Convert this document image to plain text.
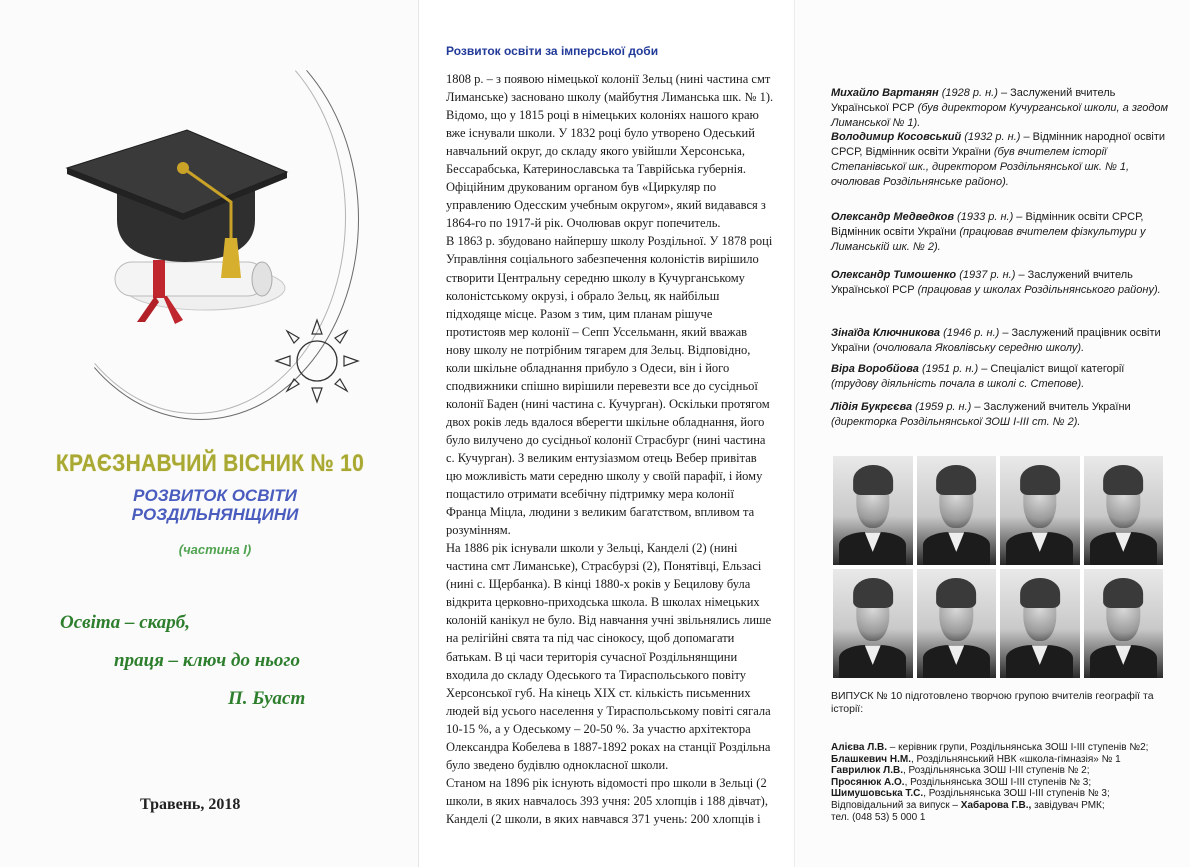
КРАЄЗНАВЧИЙ ВІСНИК № 10
РОЗВИТОК ОСВІТИ
РОЗДІЛЬНЯНЩИНИ
(частина I)
Освіта – скарб,
праця – ключ до нього
П. Буаст
Травень, 2018
Розвиток освіти за імперської доби
1808 р. – з появою німецької колонії Зельц (нині частина смт
Лиманське) засновано школу (майбутня Лиманська шк. № 1).
Відомо, що у 1815 році в німецьких колоніях нашого краю
вже існували школи. У 1832 році було утворено Одеський
навчальний округ, до складу якого увійшли Херсонська,
Бессарабська, Катеринославська та Таврійська губернія.
Офіційним друкованим органом був «Циркуляр по
управлению Одесским учебным округом», який видавався з
1864-го по 1917-й рік. Очолював округ попечитель.
В 1863 р. збудовано найпершу школу Роздільної. У 1878 році
Управління соціального забезпечення колоністів вирішило
створити Центральну середню школу в Кучурганському
колоністському окрузі, і обрало Зельц, як найбільш
підходяще місце. Разом з тим, цим планам рішуче
протистояв мер колонії – Сепп Уссельманн, який вважав
нову школу не потрібним тягарем для Зельц. Відповідно,
коли шкільне обладнання прибуло з Одеси, він і його
сподвижники спішно вирішили перевезти все до сусідньої
колонії Баден (нині частина с. Кучурган). Оскільки протягом
двох років ледь вдалося вберегти шкільне обладнання, його
було вилучено до сусідньої колонії Страсбург (нині частина
с. Кучурган). З великим ентузіазмом отець Вебер привітав
цю можливість мати середню школу у своїй парафії, і йому
пощастило отримати всебічну підтримку мера колонії
Франца Міцла, людини з великим багатством, впливом та
розумінням.
На 1886 рік існували школи у Зельці, Канделі (2) (нині
частина смт Лиманське), Страсбурзі (2), Понятівці, Ельзасі
(нині с. Щербанка). В кінці 1880-х років у Бецилову була
відкрита церковно-приходська школа. В школах німецьких
колоній канікул не було. Від навчання учні звільнялись лише
на релігійні свята та під час сінокосу, щоб допомагати
батькам. В ці часи територія сучасної Роздільнянщини
входила до складу Одеського та Тираспольського повіту
Херсонської губ. На кінець XIX ст. кількість письменних
людей від усього населення у Тираспольському повіті сягала
10-15 %, а у Одеському – 20-50 %. За участю архітектора
Олександра Кобелева в 1887-1892 роках на станції Роздільна
було зведено будівлю однокласної школи.
Станом на 1896 рік існують відомості про школи в Зельці (2
школи, в яких навчалось 393 учня: 205 хлопців і 188 дівчат),
Канделі (2 школи, в яких навчався 371 учень: 200 хлопців і
Михайло Вартанян (1928 р. н.) – Заслужений вчитель Української РСР (був директором Кучурганської школи, а згодом Лиманської № 1).
Володимир Косовський (1932 р. н.) – Відмінник народної освіти СРСР, Відмінник освіти України (був вчителем історії Степанівської шк., директором Роздільнянської шк. № 1, очолював Роздільнянське районо).
Олександр Медведков (1933 р. н.) – Відмінник освіти СРСР, Відмінник освіти України (працював вчителем фізкультури у Лиманській шк. № 2).
Олександр Тимошенко (1937 р. н.) – Заслужений вчитель Української РСР (працював у школах Роздільнянського району).
Зінаїда Ключникова (1946 р. н.) – Заслужений працівник освіти України (очолювала Яковлівську середню школу).
Віра Воробйова (1951 р. н.) – Спеціаліст вищої категорії (трудову діяльність почала в школі с. Степове).
Лідія Букрєєва (1959 р. н.) – Заслужений вчитель України (директорка Роздільнянської ЗОШ I-III ст. № 2).
ВИПУСК № 10 підготовлено творчою групою вчителів географії та історії:
Алієва Л.В. – керівник групи, Роздільнянська ЗОШ I-III ступенів №2;
Блашкевич Н.М., Роздільнянський НВК «школа-гімназія» № 1
Гаврилюк Л.В., Роздільнянська ЗОШ I-III ступенів № 2;
Просянюк А.О., Роздільнянська ЗОШ I-III ступенів № 3;
Шимушовська Т.С., Роздільнянська ЗОШ I-III ступенів № 3;
Відповідальний за випуск – Хабарова Г.В., завідувач РМК;
тел. (048 53) 5 000 1
